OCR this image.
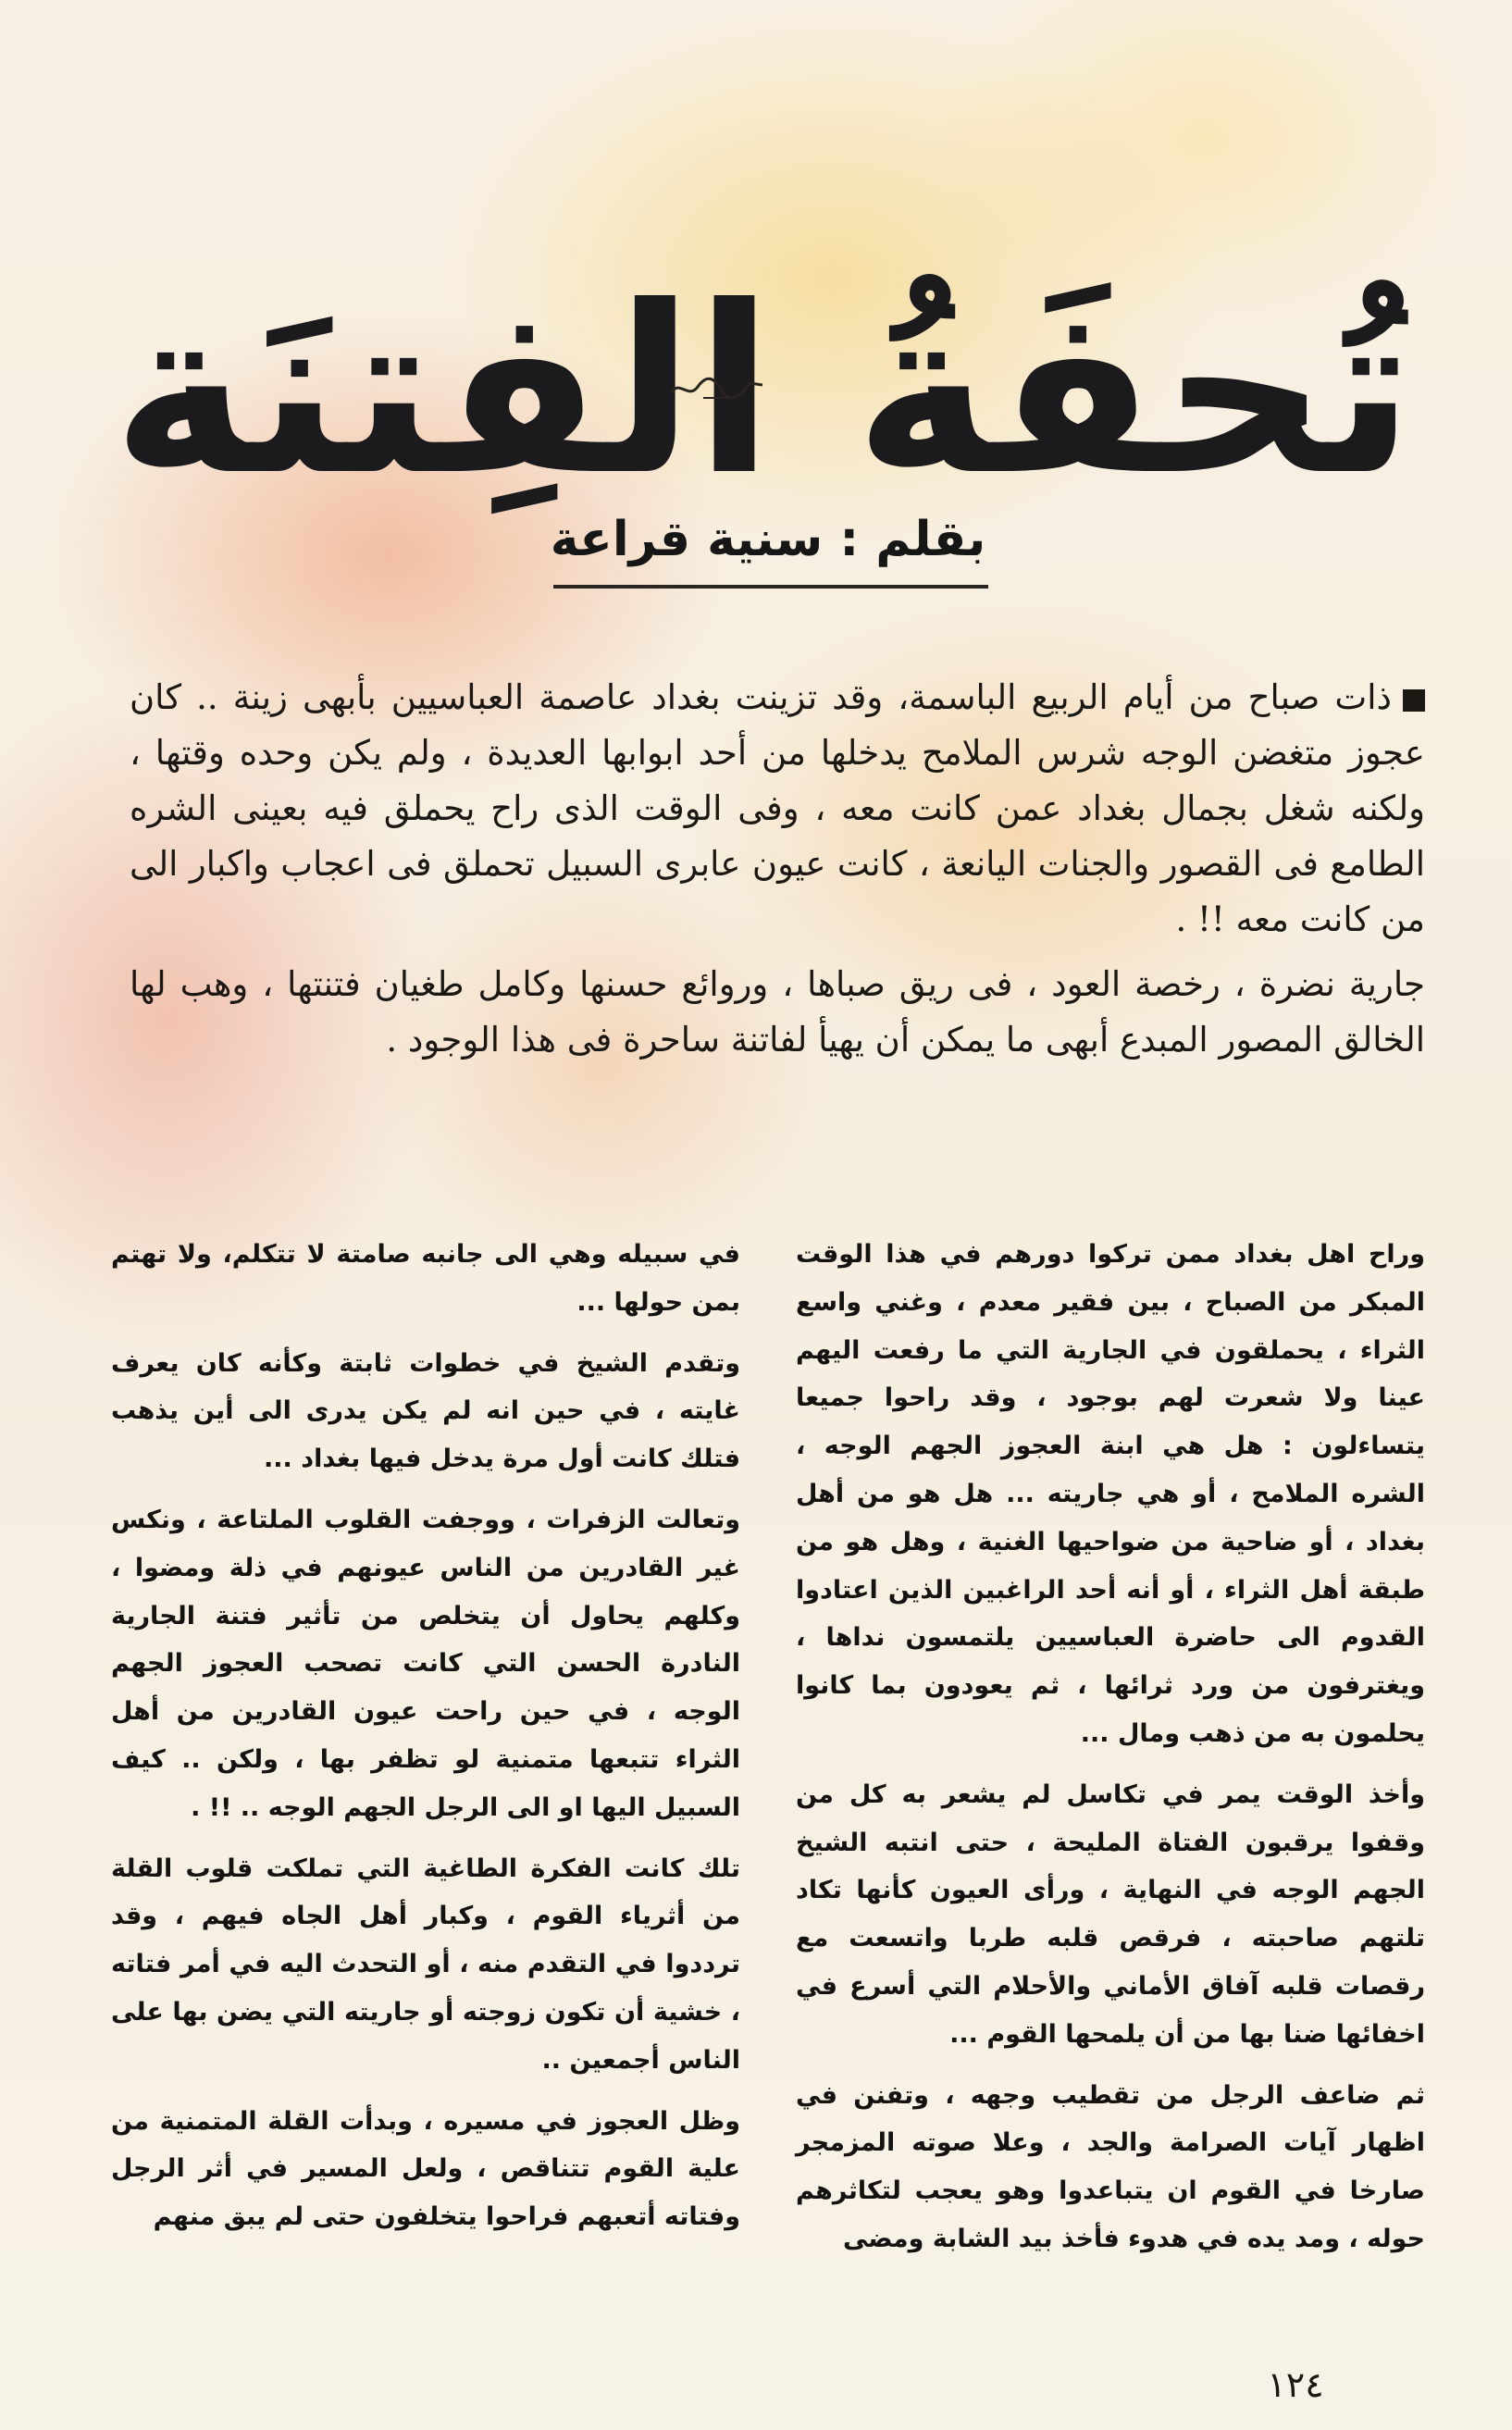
تُحفَةُ الفِتنَة
بقلم : سنية قراعة

ذات صباح من أيام الربيع الباسمة، وقد تزينت بغداد عاصمة العباسيين بأبهى زينة .. كان عجوز متغضن الوجه شرس الملامح يدخلها من أحد ابوابها العديدة ، ولم يكن وحده وقتها ، ولكنه شغل بجمال بغداد عمن كانت معه ، وفى الوقت الذى راح يحملق فيه بعينى الشره الطامع فى القصور والجنات اليانعة ، كانت عيون عابرى السبيل تحملق فى اعجاب واكبار الى من كانت معه !! .

جارية نضرة ، رخصة العود ، فى ريق صباها ، وروائع حسنها وكامل طغيان فتنتها ، وهب لها الخالق المصور المبدع أبهى ما يمكن أن يهيأ لفاتنة ساحرة فى هذا الوجود .

وراح اهل بغداد ممن تركوا دورهم في هذا الوقت المبكر من الصباح ، بين فقير معدم ، وغني واسع الثراء ، يحملقون في الجارية التي ما رفعت اليهم عينا ولا شعرت لهم بوجود ، وقد راحوا جميعا يتساءلون : هل هي ابنة العجوز الجهم الوجه ، الشره الملامح ، أو هي جاريته ... هل هو من أهل بغداد ، أو ضاحية من ضواحيها الغنية ، وهل هو من طبقة أهل الثراء ، أو أنه أحد الراغبين الذين اعتادوا القدوم الى حاضرة العباسيين يلتمسون نداها ، ويغترفون من ورد ثرائها ، ثم يعودون بما كانوا يحلمون به من ذهب ومال ...

وأخذ الوقت يمر في تكاسل لم يشعر به كل من وقفوا يرقبون الفتاة المليحة ، حتى انتبه الشيخ الجهم الوجه في النهاية ، ورأى العيون كأنها تكاد تلتهم صاحبته ، فرقص قلبه طربا واتسعت مع رقصات قلبه آفاق الأماني والأحلام التي أسرع في اخفائها ضنا بها من أن يلمحها القوم ...

ثم ضاعف الرجل من تقطيب وجهه ، وتفنن في اظهار آيات الصرامة والجد ، وعلا صوته المزمجر صارخا في القوم ان يتباعدوا وهو يعجب لتكاثرهم حوله ، ومد يده في هدوء فأخذ بيد الشابة ومضى

في سبيله وهي الى جانبه صامتة لا تتكلم، ولا تهتم بمن حولها ...

وتقدم الشيخ في خطوات ثابتة وكأنه كان يعرف غايته ، في حين انه لم يكن يدرى الى أين يذهب فتلك كانت أول مرة يدخل فيها بغداد ...

وتعالت الزفرات ، ووجفت القلوب الملتاعة ، ونكس غير القادرين من الناس عيونهم في ذلة ومضوا ، وكلهم يحاول أن يتخلص من تأثير فتنة الجارية النادرة الحسن التي كانت تصحب العجوز الجهم الوجه ، في حين راحت عيون القادرين من أهل الثراء تتبعها متمنية لو تظفر بها ، ولكن .. كيف السبيل اليها او الى الرجل الجهم الوجه .. !! .

تلك كانت الفكرة الطاغية التي تملكت قلوب القلة من أثرياء القوم ، وكبار أهل الجاه فيهم ، وقد ترددوا في التقدم منه ، أو التحدث اليه في أمر فتاته ، خشية أن تكون زوجته أو جاريته التي يضن بها على الناس أجمعين ..

وظل العجوز في مسيره ، وبدأت القلة المتمنية من علية القوم تتناقص ، ولعل المسير في أثر الرجل وفتاته أتعبهم فراحوا يتخلفون حتى لم يبق منهم

١٢٤
